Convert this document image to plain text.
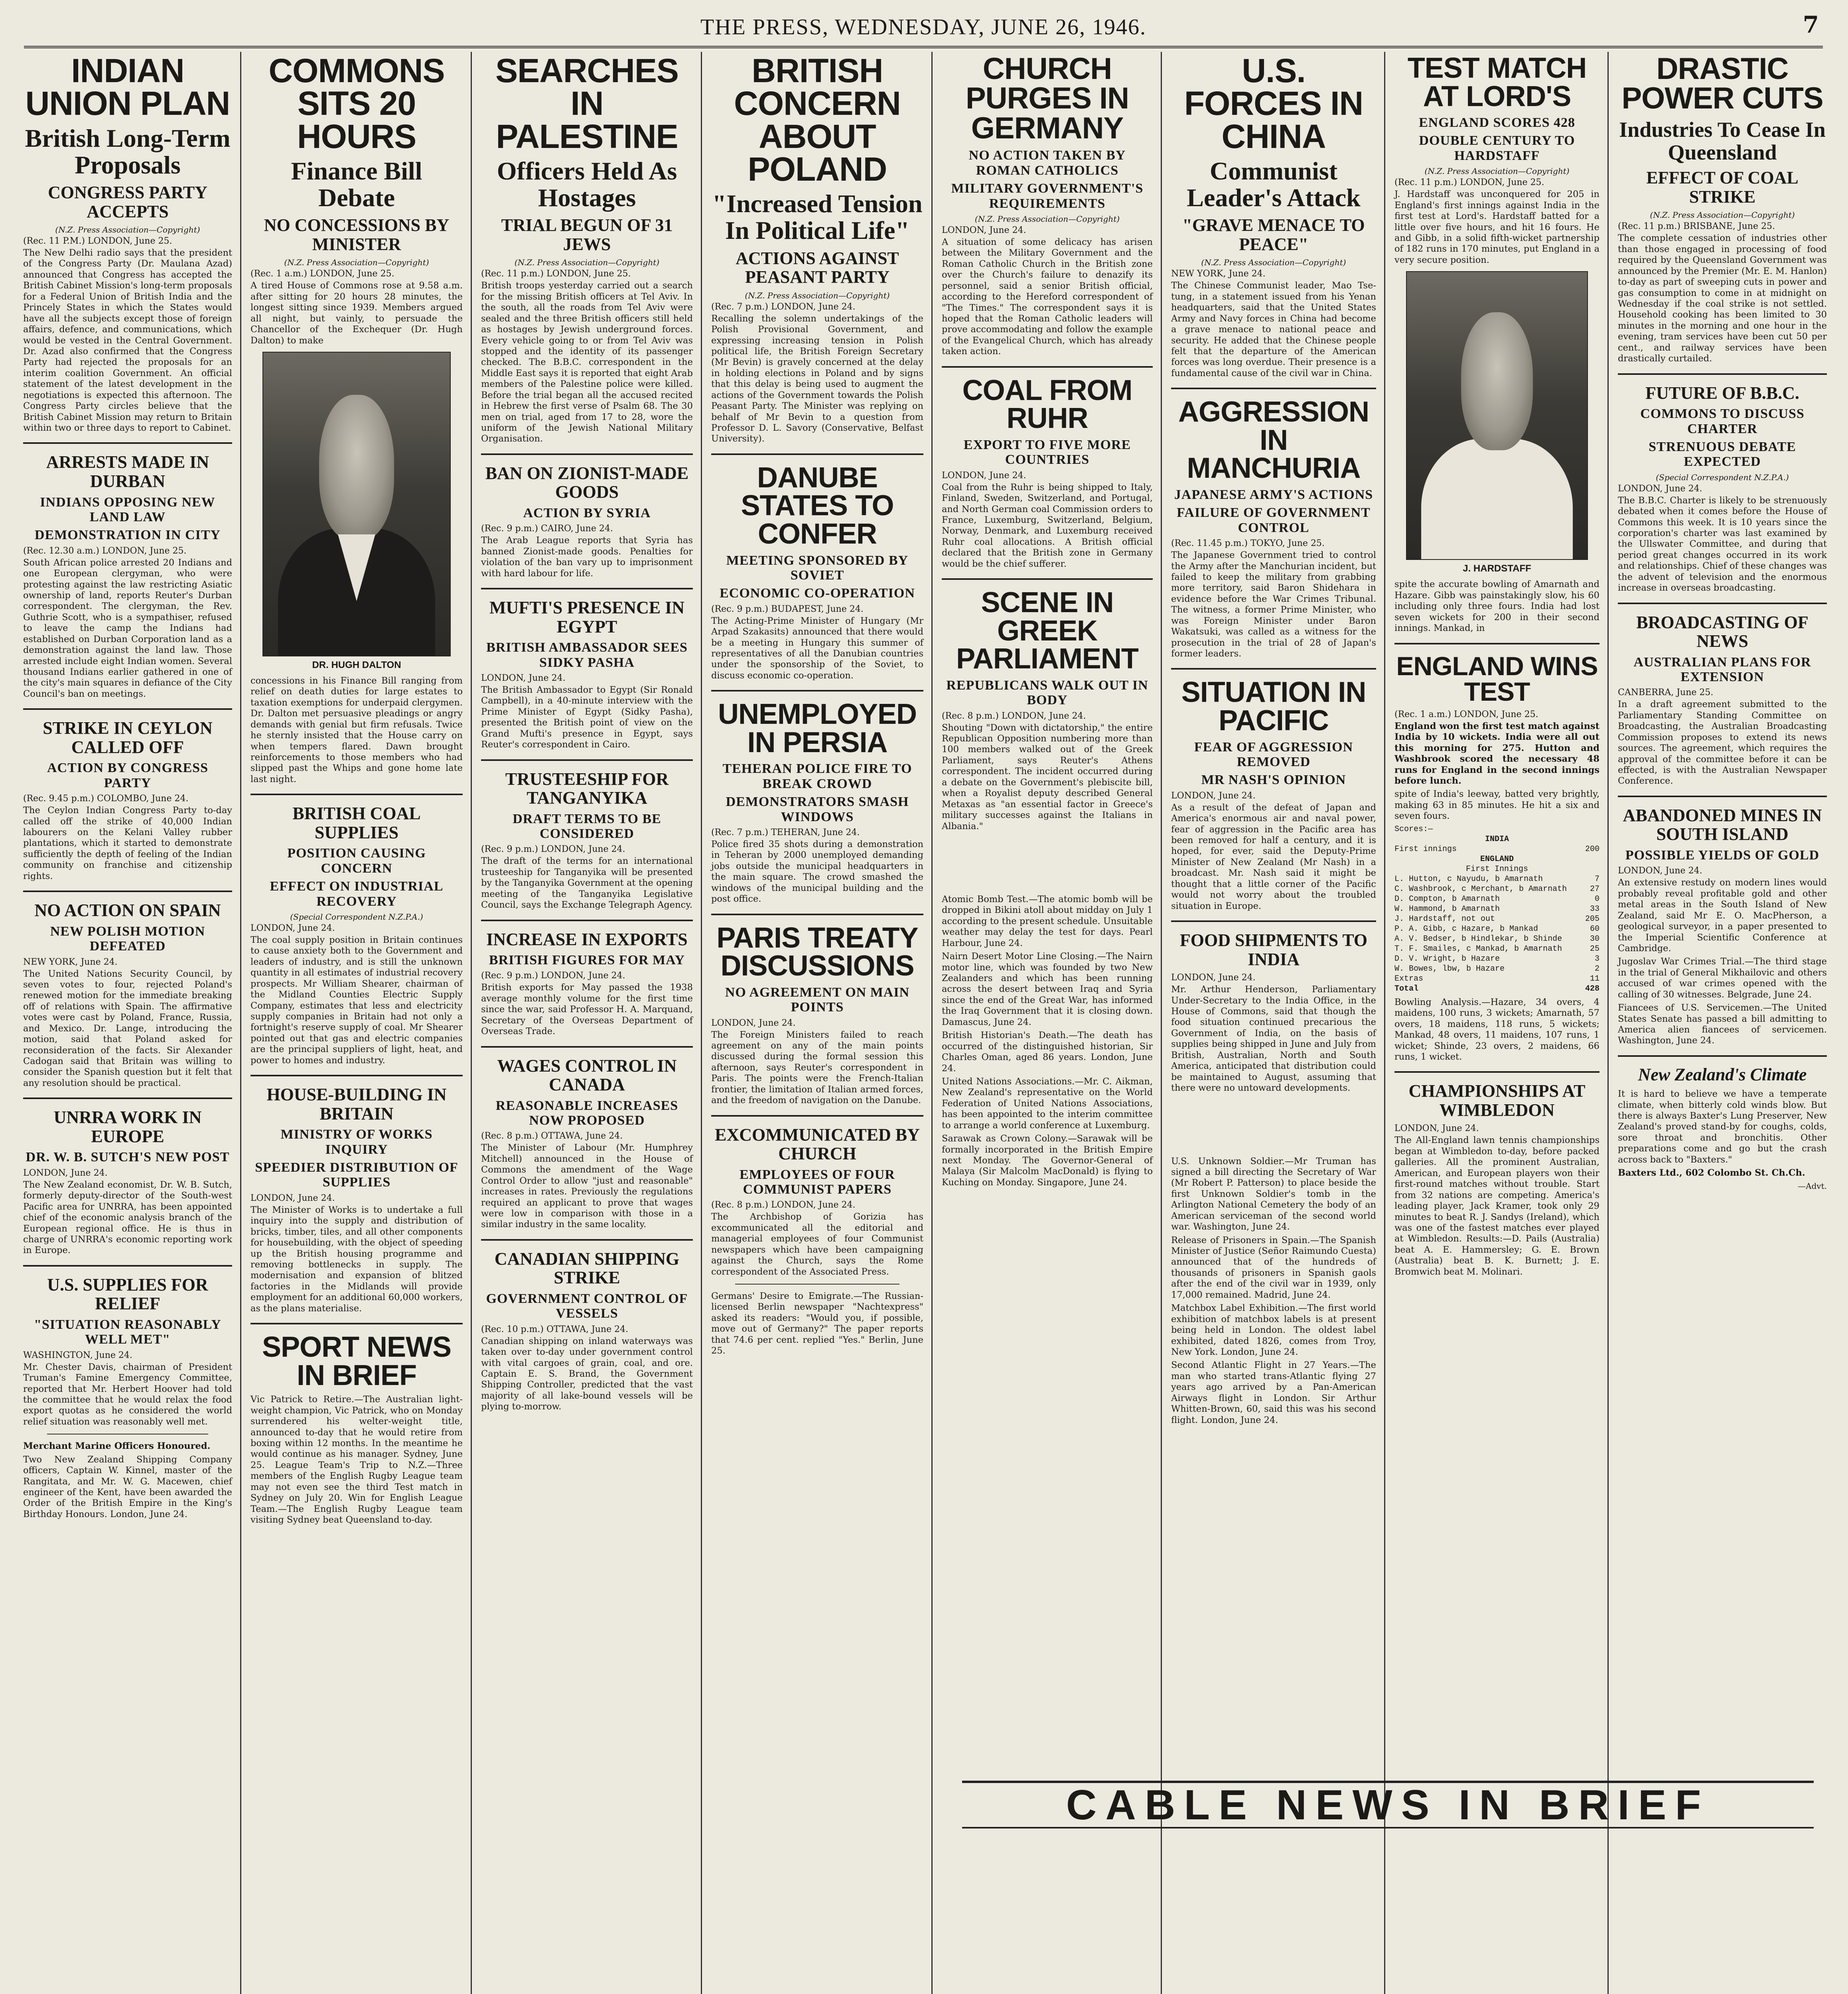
THE PRESS, WEDNESDAY, JUNE 26, 1946.	7
INDIAN UNION PLAN
British Long-Term Proposals
CONGRESS PARTY ACCEPTS
(N.Z. Press Association—Copyright)
(Rec. 11 P.M.) LONDON, June 25.
The New Delhi radio says that the president of the Congress Party (Dr. Maulana Azad) announced that Congress has accepted the British Cabinet Mission's long-term proposals for a Federal Union of British India and the Princely States in which the States would have all the subjects except those of foreign affairs, defence, and communications, which would be vested in the Central Government. Dr. Azad also confirmed that the Congress Party had rejected the proposals for an interim coalition Government. An official statement of the latest development in the negotiations is expected this afternoon. The Congress Party circles believe that the British Cabinet Mission may return to Britain within two or three days to report to Cabinet.
ARRESTS MADE IN DURBAN
INDIANS OPPOSING NEW LAND LAW
DEMONSTRATION IN CITY
(Rec. 12.30 a.m.) LONDON, June 25.
South African police arrested 20 Indians and one European clergyman, who were protesting against the law restricting Asiatic ownership of land, reports Reuter's Durban correspondent. The clergyman, the Rev. Guthrie Scott, who is a sympathiser, refused to leave the camp the Indians had established on Durban Corporation land as a demonstration against the land law. Those arrested include eight Indian women. Several thousand Indians earlier gathered in one of the city's main squares in defiance of the City Council's ban on meetings.
STRIKE IN CEYLON CALLED OFF
ACTION BY CONGRESS PARTY
(Rec. 9.45 p.m.) COLOMBO, June 24.
The Ceylon Indian Congress Party to-day called off the strike of 40,000 Indian labourers on the Kelani Valley rubber plantations, which it started to demonstrate sufficiently the depth of feeling of the Indian community on franchise and citizenship rights.
NO ACTION ON SPAIN
NEW POLISH MOTION DEFEATED
NEW YORK, June 24.
The United Nations Security Council, by seven votes to four, rejected Poland's renewed motion for the immediate breaking off of relations with Spain. The affirmative votes were cast by Poland, France, Russia, and Mexico. Dr. Lange, introducing the motion, said that Poland asked for reconsideration of the facts. Sir Alexander Cadogan said that Britain was willing to consider the Spanish question but it felt that any resolution should be practical.
UNRRA WORK IN EUROPE
DR. W. B. SUTCH'S NEW POST
LONDON, June 24.
The New Zealand economist, Dr. W. B. Sutch, formerly deputy-director of the South-west Pacific area for UNRRA, has been appointed chief of the economic analysis branch of the European regional office. He is thus in charge of UNRRA's economic reporting work in Europe.
U.S. SUPPLIES FOR RELIEF
"SITUATION REASONABLY WELL MET"
WASHINGTON, June 24.
Mr. Chester Davis, chairman of President Truman's Famine Emergency Committee, reported that Mr. Herbert Hoover had told the committee that he would relax the food export quotas as he considered the world relief situation was reasonably well met.
Merchant Marine Officers Honoured.
Two New Zealand Shipping Company officers, Captain W. Kinnel, master of the Rangitata, and Mr. W. G. Macewen, chief engineer of the Kent, have been awarded the Order of the British Empire in the King's Birthday Honours. London, June 24.
COMMONS SITS 20 HOURS
Finance Bill Debate
NO CONCESSIONS BY MINISTER
(N.Z. Press Association—Copyright)
(Rec. 1 a.m.) LONDON, June 25.
A tired House of Commons rose at 9.58 a.m. after sitting for 20 hours 28 minutes, the longest sitting since 1939. Members argued all night, but vainly, to persuade the Chancellor of the Exchequer (Dr. Hugh Dalton) to make
DR. HUGH DALTON
concessions in his Finance Bill ranging from relief on death duties for large estates to taxation exemptions for underpaid clergymen. Dr. Dalton met persuasive pleadings or angry demands with genial but firm refusals. Twice he sternly insisted that the House carry on when tempers flared. Dawn brought reinforcements to those members who had slipped past the Whips and gone home late last night.
BRITISH COAL SUPPLIES
POSITION CAUSING CONCERN
EFFECT ON INDUSTRIAL RECOVERY
(Special Correspondent N.Z.P.A.)
LONDON, June 24.
The coal supply position in Britain continues to cause anxiety both to the Government and leaders of industry, and is still the unknown quantity in all estimates of industrial recovery prospects. Mr William Shearer, chairman of the Midland Counties Electric Supply Company, estimates that less and electricity supply companies in Britain had not only a fortnight's reserve supply of coal. Mr Shearer pointed out that gas and electric companies are the principal suppliers of light, heat, and power to homes and industry.
HOUSE-BUILDING IN BRITAIN
MINISTRY OF WORKS INQUIRY
SPEEDIER DISTRIBUTION OF SUPPLIES
LONDON, June 24.
The Minister of Works is to undertake a full inquiry into the supply and distribution of bricks, timber, tiles, and all other components for housebuilding, with the object of speeding up the British housing programme and removing bottlenecks in supply. The modernisation and expansion of blitzed factories in the Midlands will provide employment for an additional 60,000 workers, as the plans materialise.
SPORT NEWS IN BRIEF
Vic Patrick to Retire.—The Australian light-weight champion, Vic Patrick, who on Monday surrendered his welter-weight title, announced to-day that he would retire from boxing within 12 months. In the meantime he would continue as his manager. Sydney, June 25. League Team's Trip to N.Z.—Three members of the English Rugby League team may not even see the third Test match in Sydney on July 20. Win for English League Team.—The English Rugby League team visiting Sydney beat Queensland to-day.
SEARCHES IN PALESTINE
Officers Held As Hostages
TRIAL BEGUN OF 31 JEWS
(N.Z. Press Association—Copyright)
(Rec. 11 p.m.) LONDON, June 25.
British troops yesterday carried out a search for the missing British officers at Tel Aviv. In the south, all the roads from Tel Aviv were sealed and the three British officers still held as hostages by Jewish underground forces. Every vehicle going to or from Tel Aviv was stopped and the identity of its passenger checked. The B.B.C. correspondent in the Middle East says it is reported that eight Arab members of the Palestine police were killed. Before the trial began all the accused recited in Hebrew the first verse of Psalm 68. The 30 men on trial, aged from 17 to 28, wore the uniform of the Jewish National Military Organisation.
BAN ON ZIONIST-MADE GOODS
ACTION BY SYRIA
(Rec. 9 p.m.) CAIRO, June 24.
The Arab League reports that Syria has banned Zionist-made goods. Penalties for violation of the ban vary up to imprisonment with hard labour for life.
MUFTI'S PRESENCE IN EGYPT
BRITISH AMBASSADOR SEES SIDKY PASHA
LONDON, June 24.
The British Ambassador to Egypt (Sir Ronald Campbell), in a 40-minute interview with the Prime Minister of Egypt (Sidky Pasha), presented the British point of view on the Grand Mufti's presence in Egypt, says Reuter's correspondent in Cairo.
TRUSTEESHIP FOR TANGANYIKA
DRAFT TERMS TO BE CONSIDERED
(Rec. 9 p.m.) LONDON, June 24.
The draft of the terms for an international trusteeship for Tanganyika will be presented by the Tanganyika Government at the opening meeting of the Tanganyika Legislative Council, says the Exchange Telegraph Agency.
INCREASE IN EXPORTS
BRITISH FIGURES FOR MAY
(Rec. 9 p.m.) LONDON, June 24.
British exports for May passed the 1938 average monthly volume for the first time since the war, said Professor H. A. Marquand, Secretary of the Overseas Department of Overseas Trade.
WAGES CONTROL IN CANADA
REASONABLE INCREASES NOW PROPOSED
(Rec. 8 p.m.) OTTAWA, June 24.
The Minister of Labour (Mr. Humphrey Mitchell) announced in the House of Commons the amendment of the Wage Control Order to allow "just and reasonable" increases in rates. Previously the regulations required an applicant to prove that wages were low in comparison with those in a similar industry in the same locality.
CANADIAN SHIPPING STRIKE
GOVERNMENT CONTROL OF VESSELS
(Rec. 10 p.m.) OTTAWA, June 24.
Canadian shipping on inland waterways was taken over to-day under government control with vital cargoes of grain, coal, and ore. Captain E. S. Brand, the Government Shipping Controller, predicted that the vast majority of all lake-bound vessels will be plying to-morrow.
BRITISH CONCERN ABOUT POLAND
"Increased Tension In Political Life"
ACTIONS AGAINST PEASANT PARTY
(N.Z. Press Association—Copyright)
(Rec. 7 p.m.) LONDON, June 24.
Recalling the solemn undertakings of the Polish Provisional Government, and expressing increasing tension in Polish political life, the British Foreign Secretary (Mr Bevin) is gravely concerned at the delay in holding elections in Poland and by signs that this delay is being used to augment the actions of the Government towards the Polish Peasant Party. The Minister was replying on behalf of Mr Bevin to a question from Professor D. L. Savory (Conservative, Belfast University).
DANUBE STATES TO CONFER
MEETING SPONSORED BY SOVIET
ECONOMIC CO-OPERATION
(Rec. 9 p.m.) BUDAPEST, June 24.
The Acting-Prime Minister of Hungary (Mr Arpad Szakasits) announced that there would be a meeting in Hungary this summer of representatives of all the Danubian countries under the sponsorship of the Soviet, to discuss economic co-operation.
UNEMPLOYED IN PERSIA
TEHERAN POLICE FIRE TO BREAK CROWD
DEMONSTRATORS SMASH WINDOWS
(Rec. 7 p.m.) TEHERAN, June 24.
Police fired 35 shots during a demonstration in Teheran by 2000 unemployed demanding jobs outside the municipal headquarters in the main square. The crowd smashed the windows of the municipal building and the post office.
PARIS TREATY DISCUSSIONS
NO AGREEMENT ON MAIN POINTS
LONDON, June 24.
The Foreign Ministers failed to reach agreement on any of the main points discussed during the formal session this afternoon, says Reuter's correspondent in Paris. The points were the French-Italian frontier, the limitation of Italian armed forces, and the freedom of navigation on the Danube.
EXCOMMUNICATED BY CHURCH
EMPLOYEES OF FOUR COMMUNIST PAPERS
(Rec. 8 p.m.) LONDON, June 24.
The Archbishop of Gorizia has excommunicated all the editorial and managerial employees of four Communist newspapers which have been campaigning against the Church, says the Rome correspondent of the Associated Press.
Germans' Desire to Emigrate.—The Russian-licensed Berlin newspaper "Nachtexpress" asked its readers: "Would you, if possible, move out of Germany?" The paper reports that 74.6 per cent. replied "Yes." Berlin, June 25.
CHURCH PURGES IN GERMANY
NO ACTION TAKEN BY ROMAN CATHOLICS
MILITARY GOVERNMENT'S REQUIREMENTS
(N.Z. Press Association—Copyright)
LONDON, June 24.
A situation of some delicacy has arisen between the Military Government and the Roman Catholic Church in the British zone over the Church's failure to denazify its personnel, said a senior British official, according to the Hereford correspondent of "The Times." The correspondent says it is hoped that the Roman Catholic leaders will prove accommodating and follow the example of the Evangelical Church, which has already taken action.
COAL FROM RUHR
EXPORT TO FIVE MORE COUNTRIES
LONDON, June 24.
Coal from the Ruhr is being shipped to Italy, Finland, Sweden, Switzerland, and Portugal, and North German coal Commission orders to France, Luxemburg, Switzerland, Belgium, Norway, Denmark, and Luxemburg received Ruhr coal allocations. A British official declared that the British zone in Germany would be the chief sufferer.
SCENE IN GREEK PARLIAMENT
REPUBLICANS WALK OUT IN BODY
(Rec. 8 p.m.) LONDON, June 24.
Shouting "Down with dictatorship," the entire Republican Opposition numbering more than 100 members walked out of the Greek Parliament, says Reuter's Athens correspondent. The incident occurred during a debate on the Government's plebiscite bill, when a Royalist deputy described General Metaxas as "an essential factor in Greece's military successes against the Italians in Albania."
Atomic Bomb Test.—The atomic bomb will be dropped in Bikini atoll about midday on July 1 according to the present schedule. Unsuitable weather may delay the test for days. Pearl Harbour, June 24.
Nairn Desert Motor Line Closing.—The Nairn motor line, which was founded by two New Zealanders and which has been running across the desert between Iraq and Syria since the end of the Great War, has informed the Iraq Government that it is closing down. Damascus, June 24.
British Historian's Death.—The death has occurred of the distinguished historian, Sir Charles Oman, aged 86 years. London, June 24.
United Nations Associations.—Mr. C. Aikman, New Zealand's representative on the World Federation of United Nations Associations, has been appointed to the interim committee to arrange a world conference at Luxemburg.
Sarawak as Crown Colony.—Sarawak will be formally incorporated in the British Empire next Monday. The Governor-General of Malaya (Sir Malcolm MacDonald) is flying to Kuching on Monday. Singapore, June 24.
U.S. FORCES IN CHINA
Communist Leader's Attack
"GRAVE MENACE TO PEACE"
(N.Z. Press Association—Copyright)
NEW YORK, June 24.
The Chinese Communist leader, Mao Tse-tung, in a statement issued from his Yenan headquarters, said that the United States Army and Navy forces in China had become a grave menace to national peace and security. He added that the Chinese people felt that the departure of the American forces was long overdue. Their presence is a fundamental cause of the civil war in China.
AGGRESSION IN MANCHURIA
JAPANESE ARMY'S ACTIONS
FAILURE OF GOVERNMENT CONTROL
(Rec. 11.45 p.m.) TOKYO, June 25.
The Japanese Government tried to control the Army after the Manchurian incident, but failed to keep the military from grabbing more territory, said Baron Shidehara in evidence before the War Crimes Tribunal. The witness, a former Prime Minister, who was Foreign Minister under Baron Wakatsuki, was called as a witness for the prosecution in the trial of 28 of Japan's former leaders.
SITUATION IN PACIFIC
FEAR OF AGGRESSION REMOVED
MR NASH'S OPINION
LONDON, June 24.
As a result of the defeat of Japan and America's enormous air and naval power, fear of aggression in the Pacific area has been removed for half a century, and it is hoped, for ever, said the Deputy-Prime Minister of New Zealand (Mr Nash) in a broadcast. Mr. Nash said it might be thought that a little corner of the Pacific would not worry about the troubled situation in Europe.
FOOD SHIPMENTS TO INDIA
LONDON, June 24.
Mr. Arthur Henderson, Parliamentary Under-Secretary to the India Office, in the House of Commons, said that though the food situation continued precarious the Government of India, on the basis of supplies being shipped in June and July from British, Australian, North and South America, anticipated that distribution could be maintained to August, assuming that there were no untoward developments.
U.S. Unknown Soldier.—Mr Truman has signed a bill directing the Secretary of War (Mr Robert P. Patterson) to place beside the first Unknown Soldier's tomb in the Arlington National Cemetery the body of an American serviceman of the second world war. Washington, June 24.
Release of Prisoners in Spain.—The Spanish Minister of Justice (Señor Raimundo Cuesta) announced that of the hundreds of thousands of prisoners in Spanish gaols after the end of the civil war in 1939, only 17,000 remained. Madrid, June 24.
Matchbox Label Exhibition.—The first world exhibition of matchbox labels is at present being held in London. The oldest label exhibited, dated 1826, comes from Troy, New York. London, June 24.
Second Atlantic Flight in 27 Years.—The man who started trans-Atlantic flying 27 years ago arrived by a Pan-American Airways flight in London. Sir Arthur Whitten-Brown, 60, said this was his second flight. London, June 24.
TEST MATCH AT LORD'S
ENGLAND SCORES 428
DOUBLE CENTURY TO HARDSTAFF
(N.Z. Press Association—Copyright)
(Rec. 11 p.m.) LONDON, June 25.
J. Hardstaff was unconquered for 205 in England's first innings against India in the first test at Lord's. Hardstaff batted for a little over five hours, and hit 16 fours. He and Gibb, in a solid fifth-wicket partnership of 182 runs in 170 minutes, put England in a very secure position.
J. HARDSTAFF
spite the accurate bowling of Amarnath and Hazare. Gibb was painstakingly slow, his 60 including only three fours. India had lost seven wickets for 200 in their second innings. Mankad, in
ENGLAND WINS TEST
(Rec. 1 a.m.) LONDON, June 25.
England won the first test match against India by 10 wickets. India were all out this morning for 275. Hutton and Washbrook scored the necessary 48 runs for England in the second innings before lunch.
spite of India's leeway, batted very brightly, making 63 in 85 minutes. He hit a six and seven fours.
Scores:—
INDIA
First innings	200
ENGLAND
First Innings
L. Hutton, c Nayudu, b Amarnath	7
C. Washbrook, c Merchant, b Amarnath	27
D. Compton, b Amarnath	0
W. Hammond, b Amarnath	33
J. Hardstaff, not out	205
P. A. Gibb, c Hazare, b Mankad	60
A. V. Bedser, b Hindlekar, b Shinde	30
T. F. Smailes, c Mankad, b Amarnath	25
D. V. Wright, b Hazare	3
W. Bowes, lbw, b Hazare	2
Extras	11
Total	428
Bowling Analysis.—Hazare, 34 overs, 4 maidens, 100 runs, 3 wickets; Amarnath, 57 overs, 18 maidens, 118 runs, 5 wickets; Mankad, 48 overs, 11 maidens, 107 runs, 1 wicket; Shinde, 23 overs, 2 maidens, 66 runs, 1 wicket.
CHAMPIONSHIPS AT WIMBLEDON
LONDON, June 24.
The All-England lawn tennis championships began at Wimbledon to-day, before packed galleries. All the prominent Australian, American, and European players won their first-round matches without trouble. Start from 32 nations are competing. America's leading player, Jack Kramer, took only 29 minutes to beat R. J. Sandys (Ireland), which was one of the fastest matches ever played at Wimbledon. Results:—D. Pails (Australia) beat A. E. Hammersley; G. E. Brown (Australia) beat B. K. Burnett; J. E. Bromwich beat M. Molinari.
DRASTIC POWER CUTS
Industries To Cease In Queensland
EFFECT OF COAL STRIKE
(N.Z. Press Association—Copyright)
(Rec. 11 p.m.) BRISBANE, June 25.
The complete cessation of industries other than those engaged in processing of food required by the Queensland Government was announced by the Premier (Mr. E. M. Hanlon) to-day as part of sweeping cuts in power and gas consumption to come in at midnight on Wednesday if the coal strike is not settled. Household cooking has been limited to 30 minutes in the morning and one hour in the evening, tram services have been cut 50 per cent., and railway services have been drastically curtailed.
FUTURE OF B.B.C.
COMMONS TO DISCUSS CHARTER
STRENUOUS DEBATE EXPECTED
(Special Correspondent N.Z.P.A.)
LONDON, June 24.
The B.B.C. Charter is likely to be strenuously debated when it comes before the House of Commons this week. It is 10 years since the corporation's charter was last examined by the Ullswater Committee, and during that period great changes occurred in its work and relationships. Chief of these changes was the advent of television and the enormous increase in overseas broadcasting.
BROADCASTING OF NEWS
AUSTRALIAN PLANS FOR EXTENSION
CANBERRA, June 25.
In a draft agreement submitted to the Parliamentary Standing Committee on Broadcasting, the Australian Broadcasting Commission proposes to extend its news sources. The agreement, which requires the approval of the committee before it can be effected, is with the Australian Newspaper Conference.
ABANDONED MINES IN SOUTH ISLAND
POSSIBLE YIELDS OF GOLD
LONDON, June 24.
An extensive restudy on modern lines would probably reveal profitable gold and other metal areas in the South Island of New Zealand, said Mr E. O. MacPherson, a geological surveyor, in a paper presented to the Imperial Scientific Conference at Cambridge.
Jugoslav War Crimes Trial.—The third stage in the trial of General Mikhailovic and others accused of war crimes opened with the calling of 30 witnesses. Belgrade, June 24.
Fiancees of U.S. Servicemen.—The United States Senate has passed a bill admitting to America alien fiancees of servicemen. Washington, June 24.
New Zealand's Climate
It is hard to believe we have a temperate climate, when bitterly cold winds blow. But there is always Baxter's Lung Preserver, New Zealand's proved stand-by for coughs, colds, sore throat and bronchitis. Other preparations come and go but the crash across back to "Baxters."
Baxters Ltd., 602 Colombo St. Ch.Ch.
—Advt.
CABLE NEWS IN BRIEF
